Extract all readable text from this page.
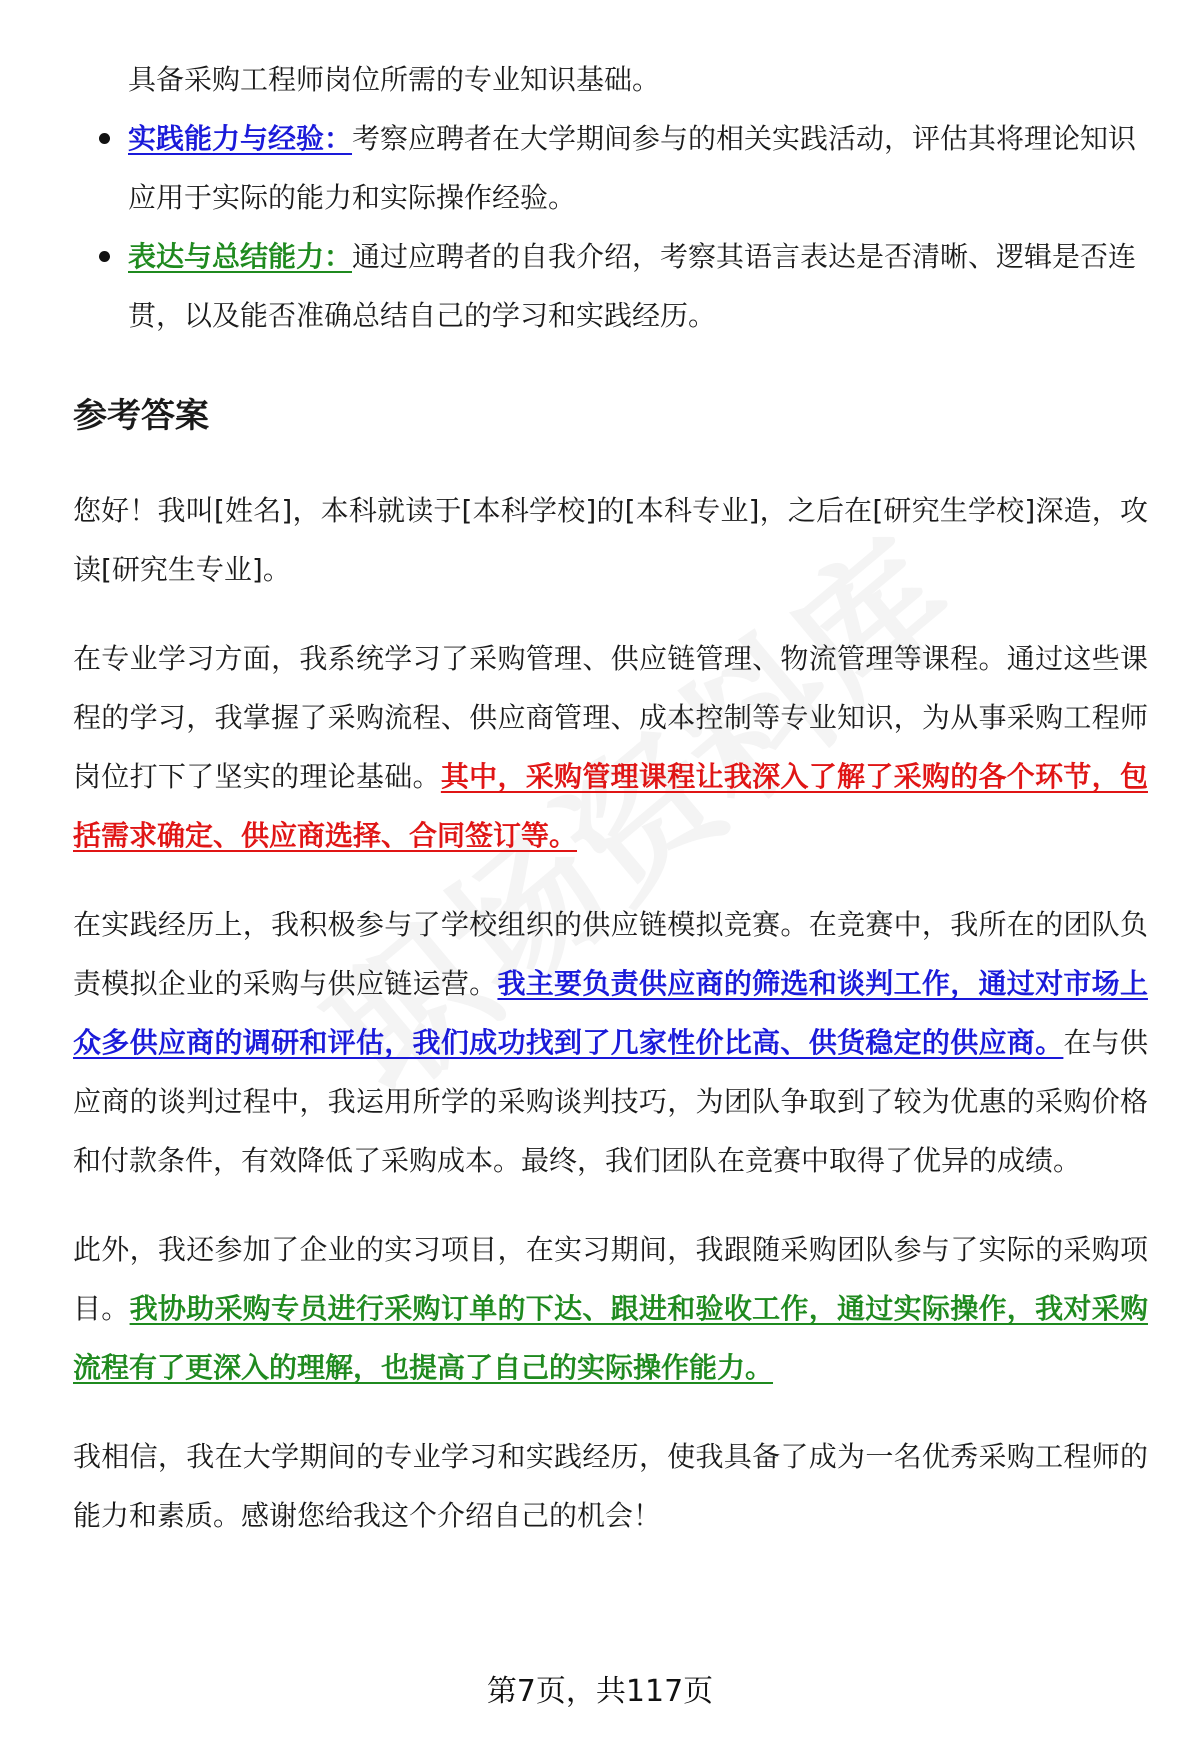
具备采购工程师岗位所需的专业知识基础。

实践能力与经验：考察应聘者在大学期间参与的相关实践活动，评估其将理论知识应用于实际的能力和实际操作经验。
表达与总结能力：通过应聘者的自我介绍，考察其语言表达是否清晰、逻辑是否连贯，以及能否准确总结自己的学习和实践经历。
参考答案

您好！我叫[姓名]，本科就读于[本科学校]的[本科专业]，之后在[研究生学校]深造，攻读[研究生专业]。

在专业学习方面，我系统学习了采购管理、供应链管理、物流管理等课程。通过这些课程的学习，我掌握了采购流程、供应商管理、成本控制等专业知识，为从事采购工程师岗位打下了坚实的理论基础。其中，采购管理课程让我深入了解了采购的各个环节，包括需求确定、供应商选择、合同签订等。

在实践经历上，我积极参与了学校组织的供应链模拟竞赛。在竞赛中，我所在的团队负责模拟企业的采购与供应链运营。我主要负责供应商的筛选和谈判工作，通过对市场上众多供应商的调研和评估，我们成功找到了几家性价比高、供货稳定的供应商。在与供应商的谈判过程中，我运用所学的采购谈判技巧，为团队争取到了较为优惠的采购价格和付款条件，有效降低了采购成本。最终，我们团队在竞赛中取得了优异的成绩。

此外，我还参加了企业的实习项目，在实习期间，我跟随采购团队参与了实际的采购项目。我协助采购专员进行采购订单的下达、跟进和验收工作，通过实际操作，我对采购流程有了更深入的理解，也提高了自己的实际操作能力。

我相信，我在大学期间的专业学习和实践经历，使我具备了成为一名优秀采购工程师的能力和素质。感谢您给我这个介绍自己的机会！

第7页，共117页
